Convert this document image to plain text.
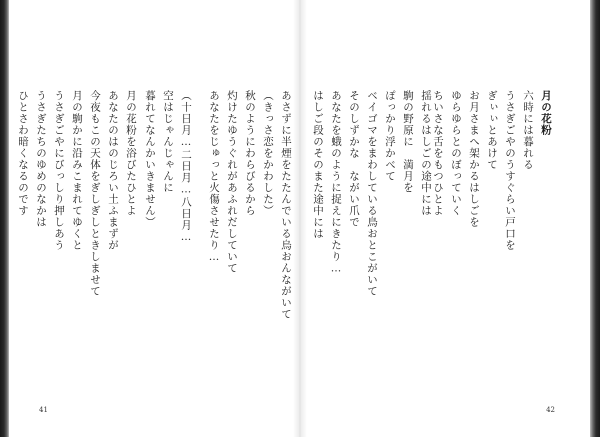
あさずに半煙をたたんでいる烏おんながいて
（きっさ恋をかわした）
秋のようにわらびるから
灼けたゆうぐれがあふれだしていて
あなたをじゅっと火傷させたり…
（十日月…二日月…八日月…
空はじゃんじゃんに
暮れてなんかいきません）
月の花粉を浴びたひとよ
あなたのはのじろい土ふまずが
今夜もこの天体をぎしぎしときしませて
月の駒かに沿みこまれてゆくと
うさぎごやにびっしり押しあう
うさぎたちのゆめのなかは
ひとさわ暗くなるのです
41
月の花粉
六時には暮れる
うさぎごやのうすぐらい戸口を
ぎぃぃとあけて
お月さまへ架かるはしごを
ゆらゆらとのぼっていく
ちいさな舌をもつひとよ
揺れるはしごの途中には
駒の野原に　満月を
ぽっかり浮かべて
ベイゴマをまわしている鳥おとこがいて
そのしずかな　ながい爪で
あなたを蛾のように捉えにきたり…
はしご段のそのまた途中には
42
